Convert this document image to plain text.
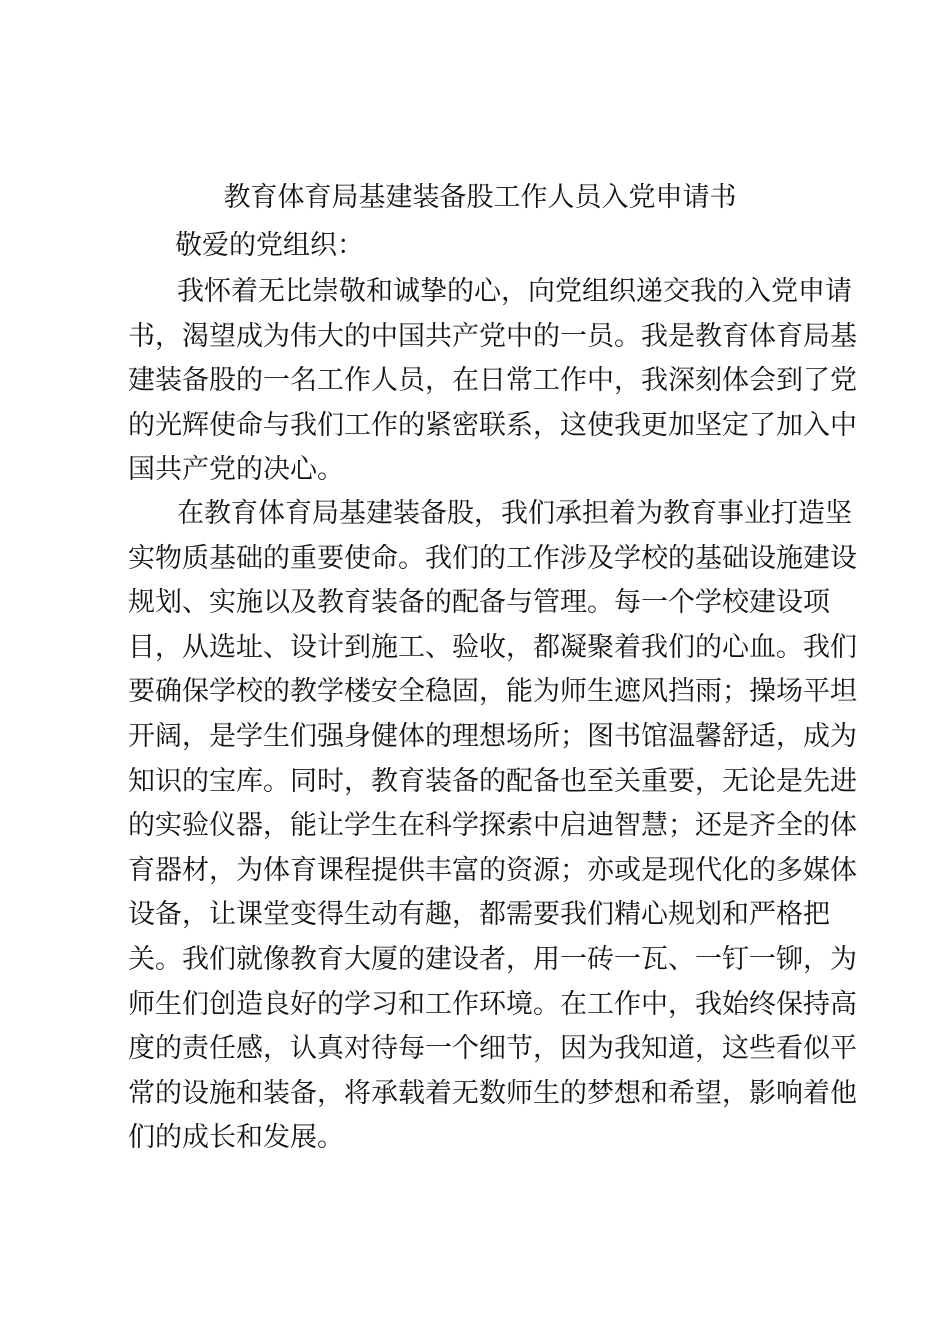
教育体育局基建装备股工作人员入党申请书

敬爱的党组织：

我怀着无比崇敬和诚挚的心，向党组织递交我的入党申请
书，渴望成为伟大的中国共产党中的一员。我是教育体育局基
建装备股的一名工作人员，在日常工作中，我深刻体会到了党
的光辉使命与我们工作的紧密联系，这使我更加坚定了加入中
国共产党的决心。
在教育体育局基建装备股，我们承担着为教育事业打造坚
实物质基础的重要使命。我们的工作涉及学校的基础设施建设
规划、实施以及教育装备的配备与管理。每一个学校建设项
目，从选址、设计到施工、验收，都凝聚着我们的心血。我们
要确保学校的教学楼安全稳固，能为师生遮风挡雨；操场平坦
开阔，是学生们强身健体的理想场所；图书馆温馨舒适，成为
知识的宝库。同时，教育装备的配备也至关重要，无论是先进
的实验仪器，能让学生在科学探索中启迪智慧；还是齐全的体
育器材，为体育课程提供丰富的资源；亦或是现代化的多媒体
设备，让课堂变得生动有趣，都需要我们精心规划和严格把
关。我们就像教育大厦的建设者，用一砖一瓦、一钉一铆，为
师生们创造良好的学习和工作环境。在工作中，我始终保持高
度的责任感，认真对待每一个细节，因为我知道，这些看似平
常的设施和装备，将承载着无数师生的梦想和希望，影响着他
们的成长和发展。
